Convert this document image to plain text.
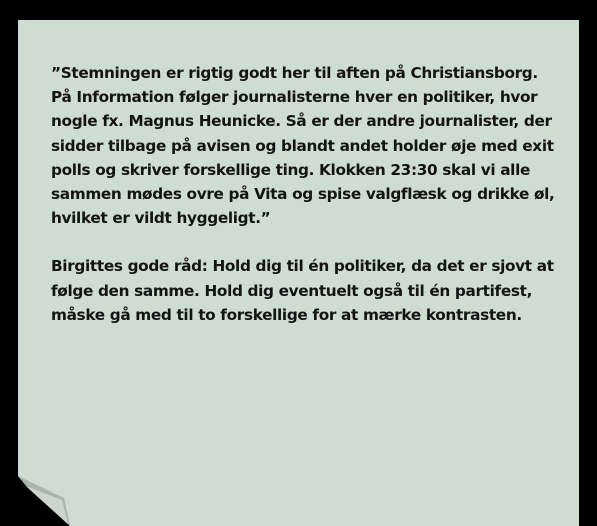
”Stemningen er rigtig godt her til aften på Christiansborg. På Information følger journalisterne hver en politiker, hvor nogle fx. Magnus Heunicke. Så er der andre journalister, der sidder tilbage på avisen og blandt andet holder øje med exit polls og skriver forskellige ting. Klokken 23:30 skal vi alle sammen mødes ovre på Vita og spise valgflæsk og drikke øl, hvilket er vildt hyggeligt.”

Birgittes gode råd: Hold dig til én politiker, da det er sjovt at følge den samme. Hold dig eventuelt også til én partifest, måske gå med til to forskellige for at mærke kontrasten.
